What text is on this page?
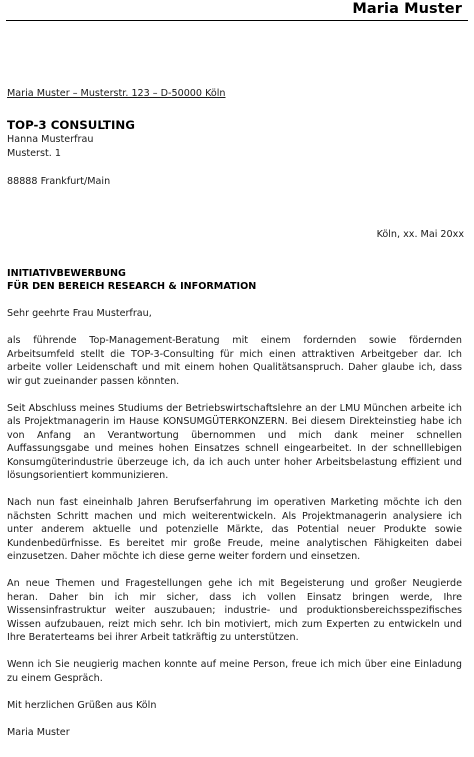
Maria Muster
Maria Muster – Musterstr. 123 – D-50000 Köln
TOP-3 CONSULTING
Hanna Musterfrau
Musterst. 1
88888 Frankfurt/Main
Köln, xx. Mai 20xx
INITIATIVBEWERBUNG
FÜR DEN BEREICH RESEARCH & INFORMATION

Sehr geehrte Frau Musterfrau,

als führende Top-Management-Beratung mit einem fordernden sowie fördernden Arbeitsumfeld stellt die TOP-3-Consulting für mich einen attraktiven Arbeitgeber dar. Ich arbeite voller Leidenschaft und mit einem hohen Qualitätsanspruch. Daher glaube ich, dass wir gut zueinander passen könnten.

Seit Abschluss meines Studiums der Betriebswirtschaftslehre an der LMU München arbeite ich als Projektmanagerin im Hause KONSUMGÜTERKONZERN. Bei diesem Direkteinstieg habe ich von Anfang an Verantwortung übernommen und mich dank meiner schnellen Auffassungsgabe und meines hohen Einsatzes schnell eingearbeitet. In der schnelllebigen Konsumgüterindustrie überzeuge ich, da ich auch unter hoher Arbeitsbelastung effizient und lösungsorientiert kommunizieren.

Nach nun fast eineinhalb Jahren Berufserfahrung im operativen Marketing möchte ich den nächsten Schritt machen und mich weiterentwickeln. Als Projektmanagerin analysiere ich unter anderem aktuelle und potenzielle Märkte, das Potential neuer Produkte sowie Kundenbedürfnisse. Es bereitet mir große Freude, meine analytischen Fähigkeiten dabei einzusetzen. Daher möchte ich diese gerne weiter fordern und einsetzen.

An neue Themen und Fragestellungen gehe ich mit Begeisterung und großer Neugierde heran. Daher bin ich mir sicher, dass ich vollen Einsatz bringen werde, Ihre Wissensinfrastruktur weiter auszubauen; industrie- und produktionsbereichsspezifisches Wissen aufzubauen, reizt mich sehr. Ich bin motiviert, mich zum Experten zu entwickeln und Ihre Beraterteams bei ihrer Arbeit tatkräftig zu unterstützen.

Wenn ich Sie neugierig machen konnte auf meine Person, freue ich mich über eine Einladung zu einem Gespräch.

Mit herzlichen Grüßen aus Köln

Maria Muster
